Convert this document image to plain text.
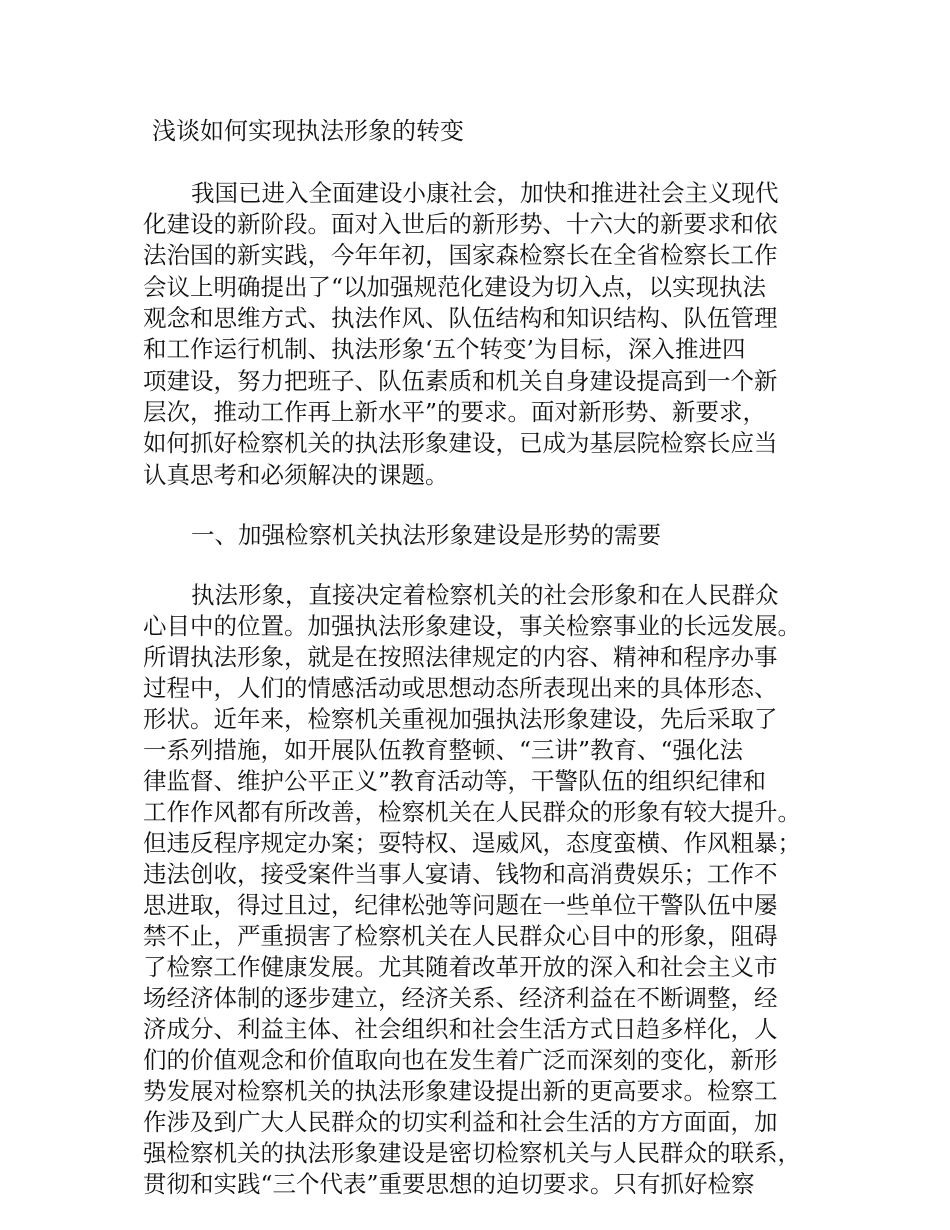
浅谈如何实现执法形象的转变
我国已进入全面建设小康社会，加快和推进社会主义现代
化建设的新阶段。面对入世后的新形势、十六大的新要求和依
法治国的新实践，今年年初，国家森检察长在全省检察长工作
会议上明确提出了“以加强规范化建设为切入点，以实现执法
观念和思维方式、执法作风、队伍结构和知识结构、队伍管理
和工作运行机制、执法形象‘五个转变’为目标，深入推进四
项建设，努力把班子、队伍素质和机关自身建设提高到一个新
层次，推动工作再上新水平”的要求。面对新形势、新要求，
如何抓好检察机关的执法形象建设，已成为基层院检察长应当
认真思考和必须解决的课题。
一、加强检察机关执法形象建设是形势的需要
执法形象，直接决定着检察机关的社会形象和在人民群众
心目中的位置。加强执法形象建设，事关检察事业的长远发展。
所谓执法形象，就是在按照法律规定的内容、精神和程序办事
过程中，人们的情感活动或思想动态所表现出来的具体形态、
形状。近年来，检察机关重视加强执法形象建设，先后采取了
一系列措施，如开展队伍教育整顿、“三讲”教育、“强化法
律监督、维护公平正义”教育活动等，干警队伍的组织纪律和
工作作风都有所改善，检察机关在人民群众的形象有较大提升。
但违反程序规定办案；耍特权、逞威风，态度蛮横、作风粗暴；
违法创收，接受案件当事人宴请、钱物和高消费娱乐；工作不
思进取，得过且过，纪律松弛等问题在一些单位干警队伍中屡
禁不止，严重损害了检察机关在人民群众心目中的形象，阻碍
了检察工作健康发展。尤其随着改革开放的深入和社会主义市
场经济体制的逐步建立，经济关系、经济利益在不断调整，经
济成分、利益主体、社会组织和社会生活方式日趋多样化，人
们的价值观念和价值取向也在发生着广泛而深刻的变化，新形
势发展对检察机关的执法形象建设提出新的更高要求。检察工
作涉及到广大人民群众的切实利益和社会生活的方方面面，加
强检察机关的执法形象建设是密切检察机关与人民群众的联系，
贯彻和实践“三个代表”重要思想的迫切要求。只有抓好检察
